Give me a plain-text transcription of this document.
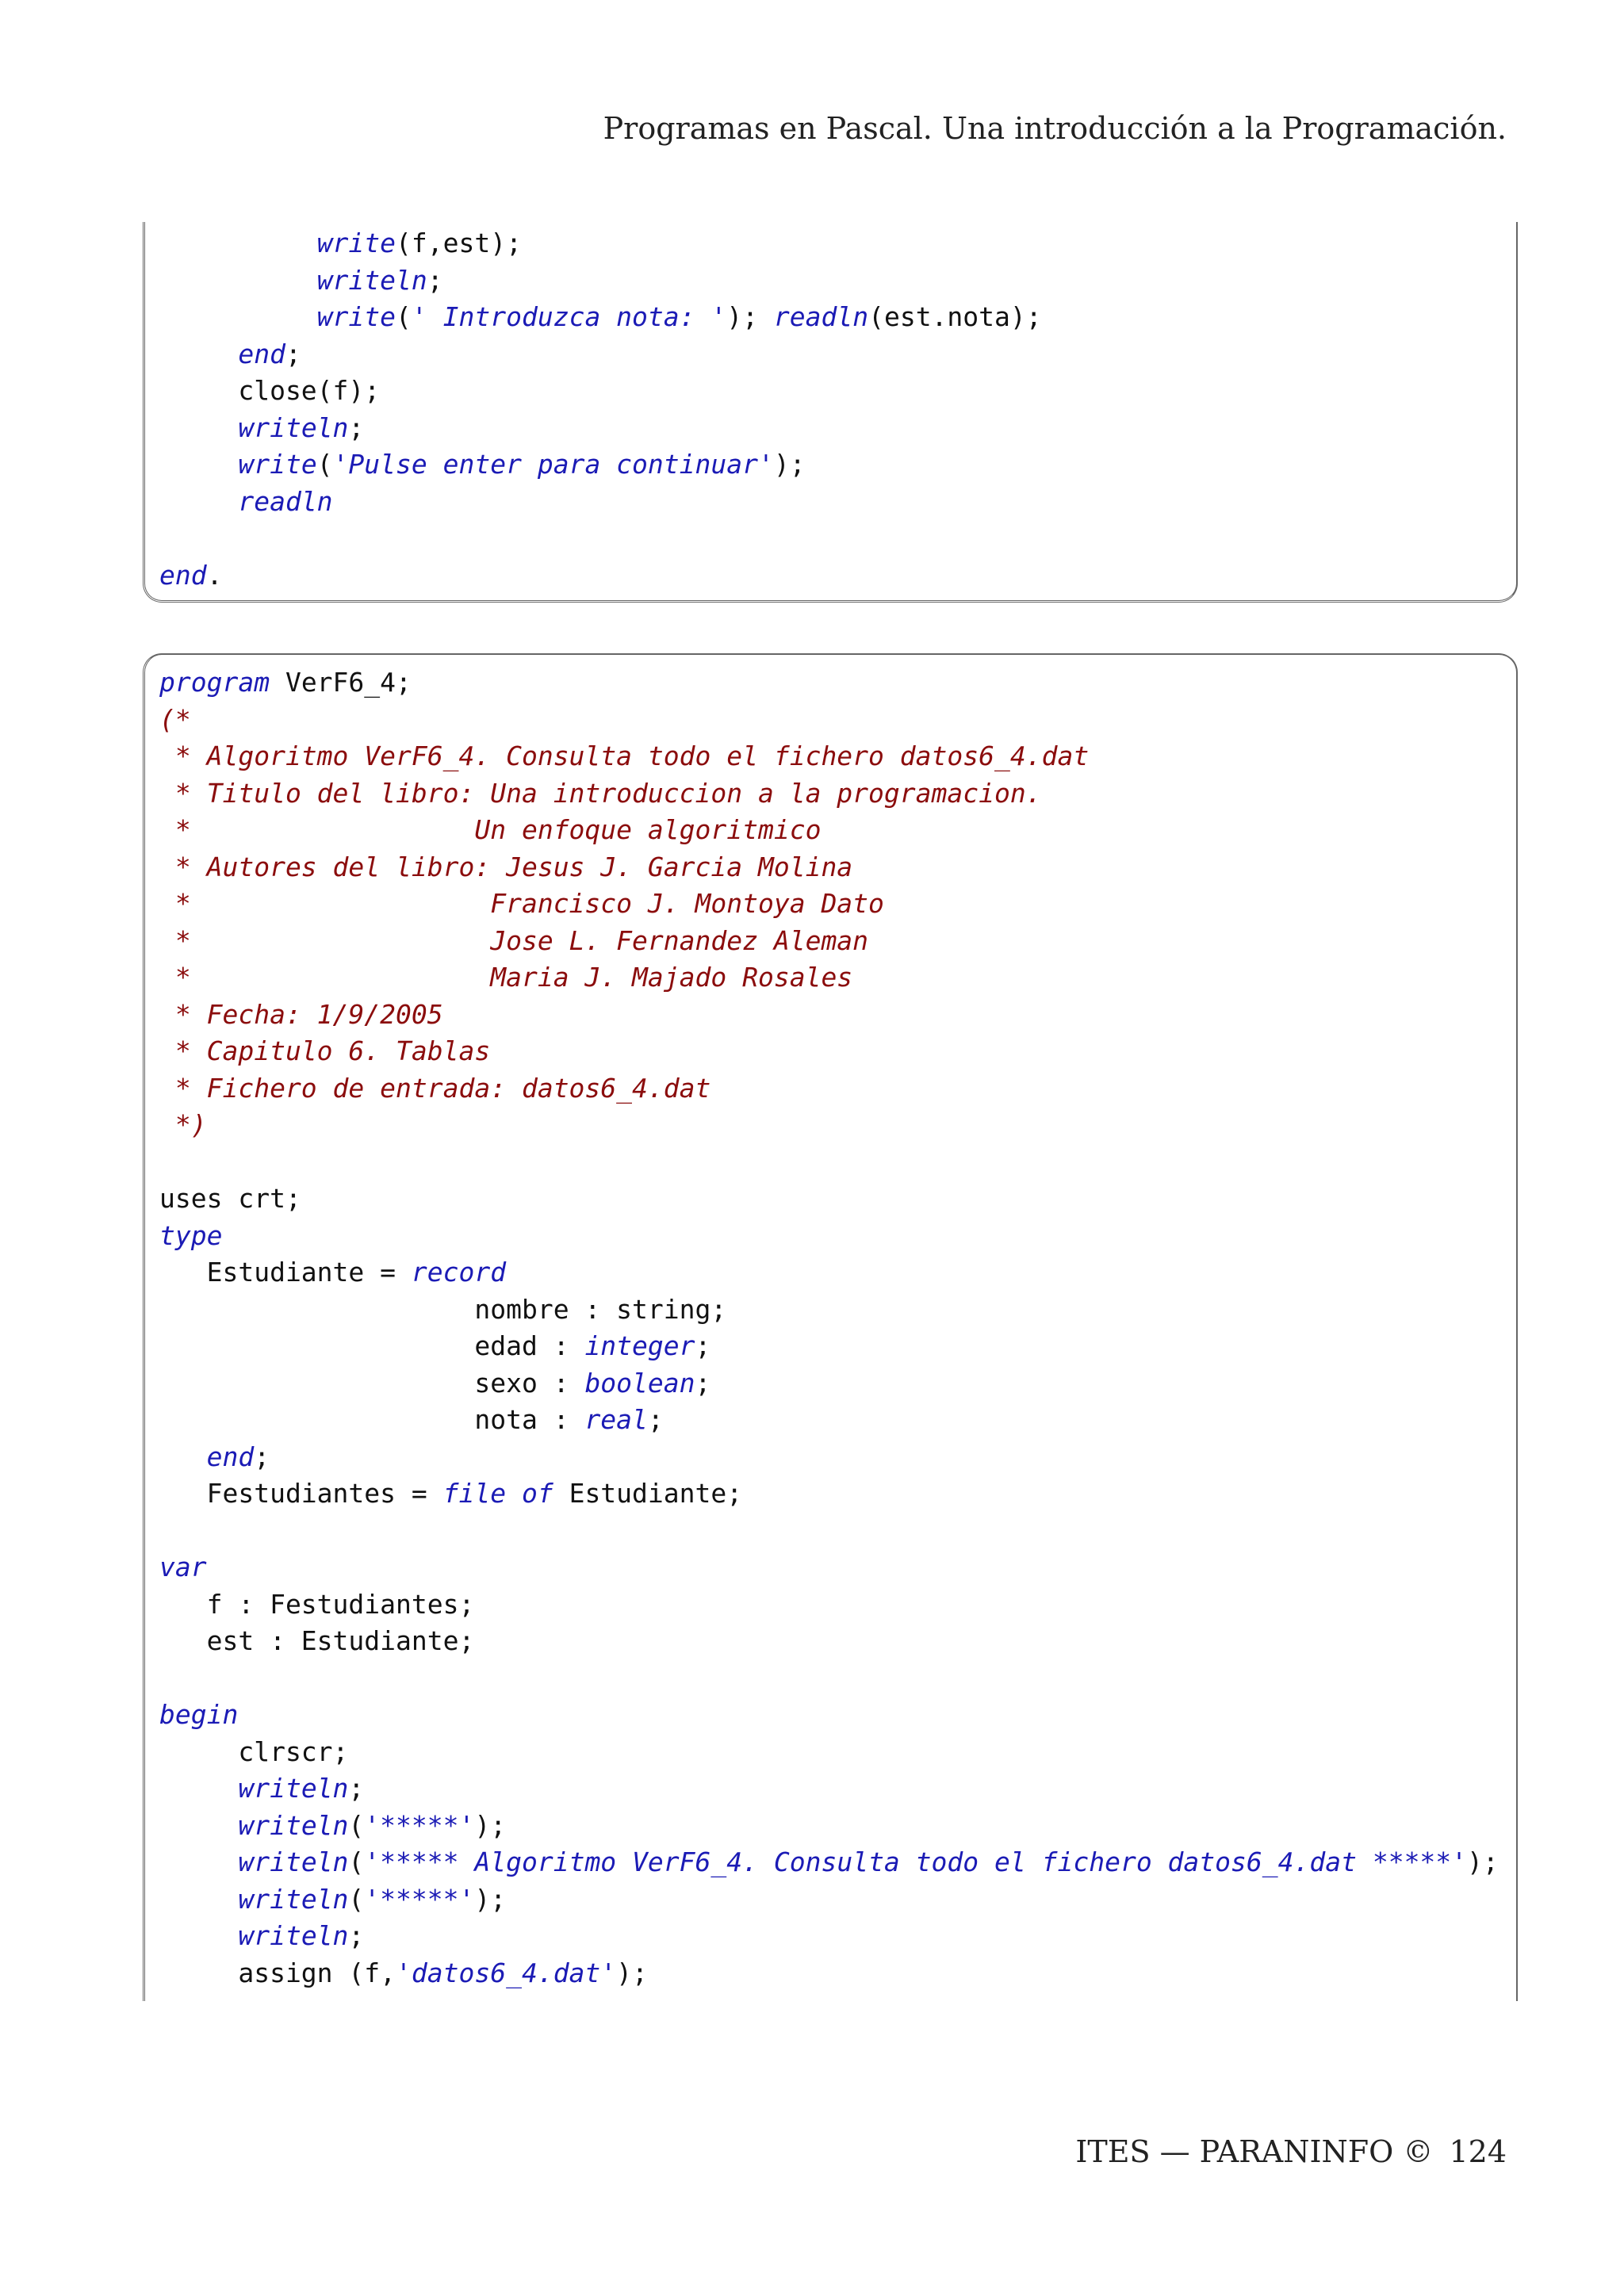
Programas en Pascal. Una introducción a la Programación.
write(f,est);
writeln;
write(' Introduzca nota: '); readln(est.nota);
end;
close(f);
writeln;
write('Pulse enter para continuar');
readln
end.
program VerF6_4;
(*
* Algoritmo VerF6_4. Consulta todo el fichero datos6_4.dat
* Titulo del libro: Una introduccion a la programacion.
*                  Un enfoque algoritmico
* Autores del libro: Jesus J. Garcia Molina
*                   Francisco J. Montoya Dato
*                   Jose L. Fernandez Aleman
*                   Maria J. Majado Rosales
* Fecha: 1/9/2005
* Capitulo 6. Tablas
* Fichero de entrada: datos6_4.dat
*)
uses crt;
type
Estudiante = record
nombre : string;
edad : integer;
sexo : boolean;
nota : real;
end;
Festudiantes = file of Estudiante;
var
f : Festudiantes;
est : Estudiante;
begin
clrscr;
writeln;
writeln('*****');
writeln('***** Algoritmo VerF6_4. Consulta todo el fichero datos6_4.dat *****');
writeln('*****');
writeln;
assign (f,'datos6_4.dat');
ITES — PARANINFO © 124
